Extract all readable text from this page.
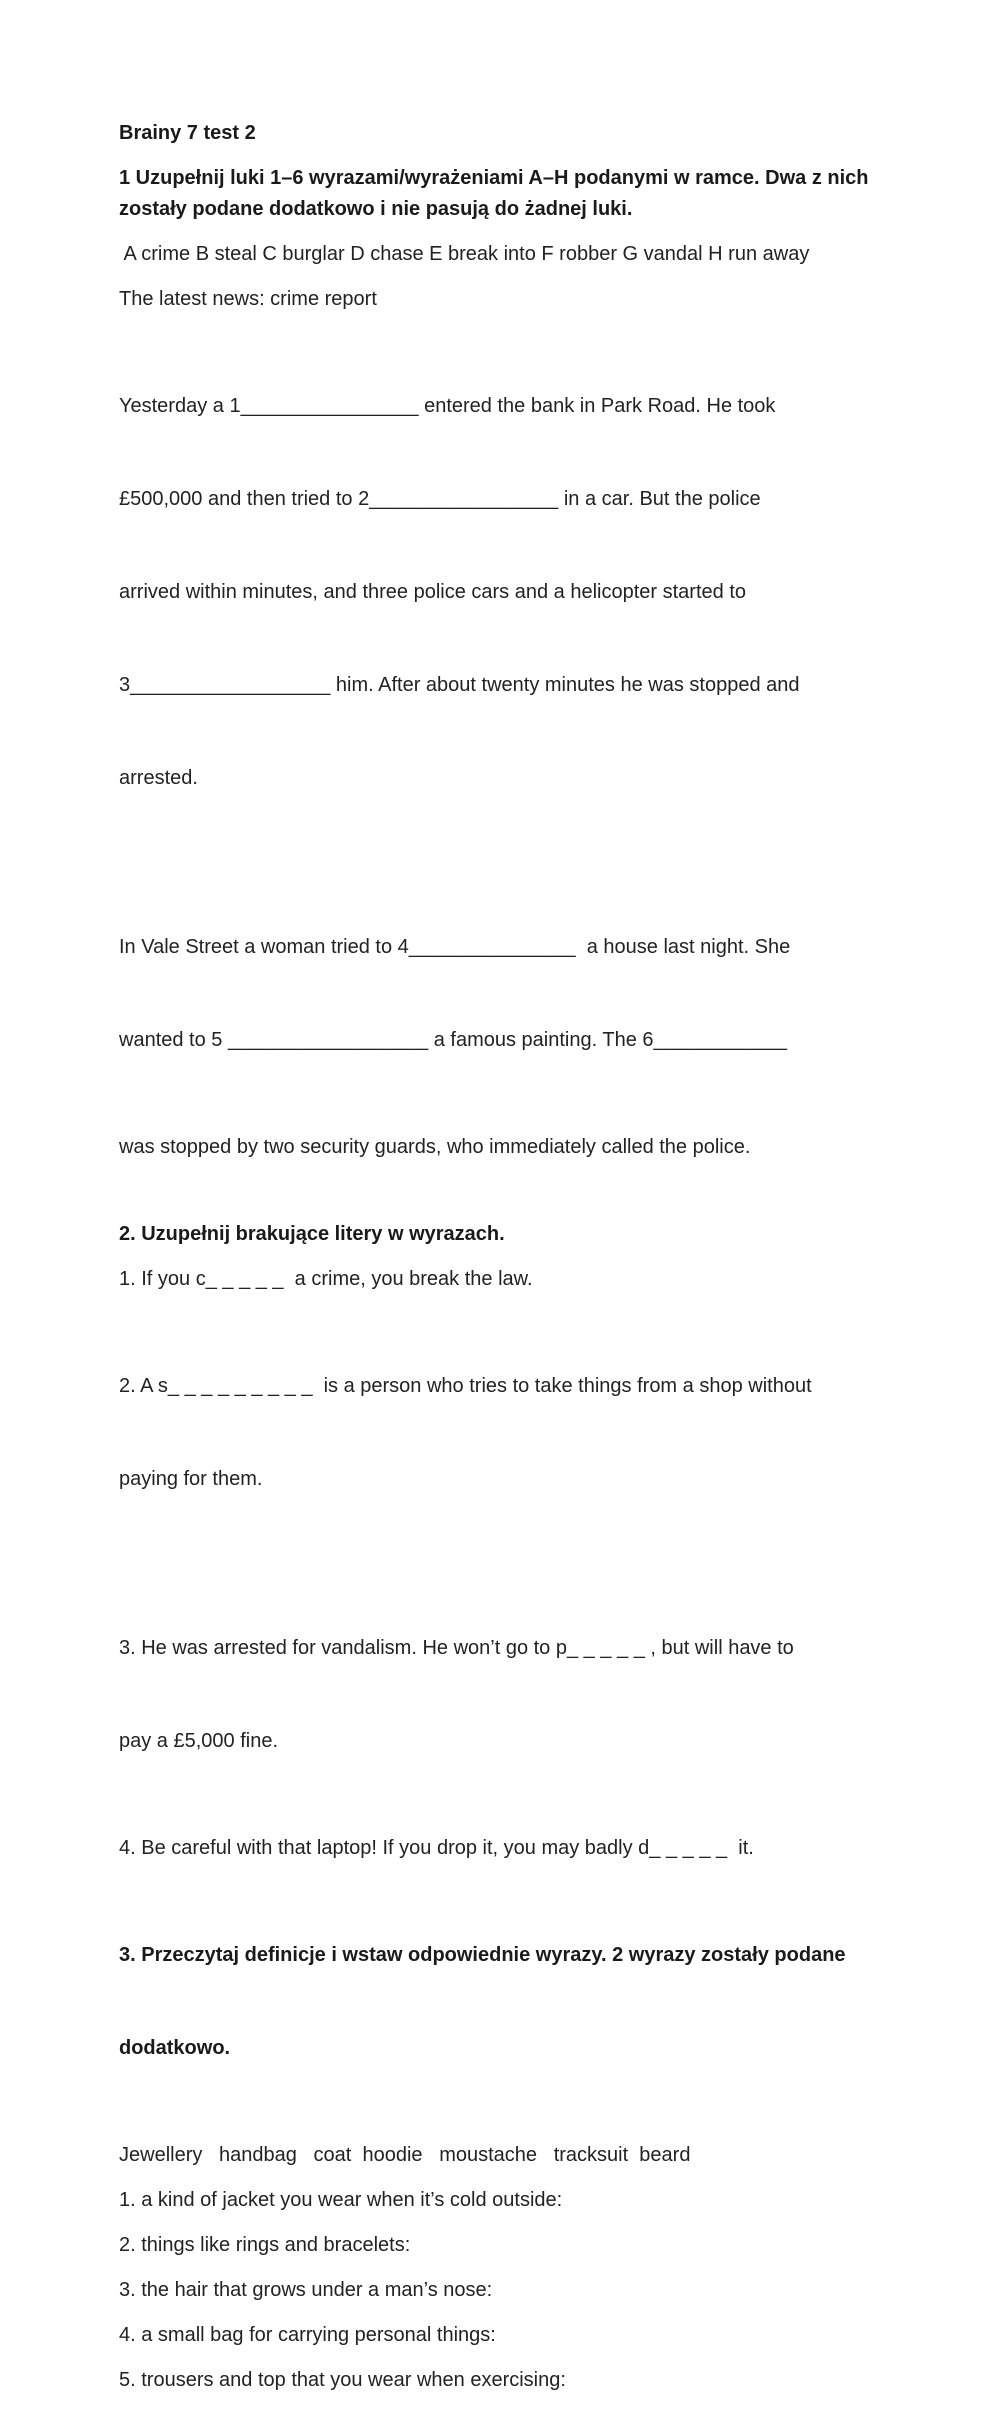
Brainy 7 test 2
1 Uzupełnij luki 1–6 wyrazami/wyrażeniami A–H podanymi w ramce. Dwa z nich zostały podane dodatkowo i nie pasują do żadnej luki.
A crime B steal C burglar D chase E break into F robber G vandal H run away
The latest news: crime report

Yesterday a 1________________ entered the bank in Park Road. He took

£500,000 and then tried to 2_________________ in a car. But the police

arrived within minutes, and three police cars and a helicopter started to

3__________________ him. After about twenty minutes he was stopped and

arrested.

In Vale Street a woman tried to 4_______________  a house last night. She

wanted to 5 __________________ a famous painting. The 6____________

was stopped by two security guards, who immediately called the police.
2. Uzupełnij brakujące litery w wyrazach.
1. If you c_ _ _ _ _  a crime, you break the law.

2. A s_ _ _ _ _ _ _ _ _  is a person who tries to take things from a shop without

paying for them.

3. He was arrested for vandalism. He won’t go to p_ _ _ _ _ , but will have to

pay a £5,000 fine.

4. Be careful with that laptop! If you drop it, you may badly d_ _ _ _ _  it.

3. Przeczytaj definicje i wstaw odpowiednie wyrazy. 2 wyrazy zostały podane

dodatkowo.

Jewellery   handbag   coat  hoodie   moustache   tracksuit  beard
1. a kind of jacket you wear when it’s cold outside:
2. things like rings and bracelets:
3. the hair that grows under a man’s nose:
4. a small bag for carrying personal things:
5. trousers and top that you wear when exercising:
